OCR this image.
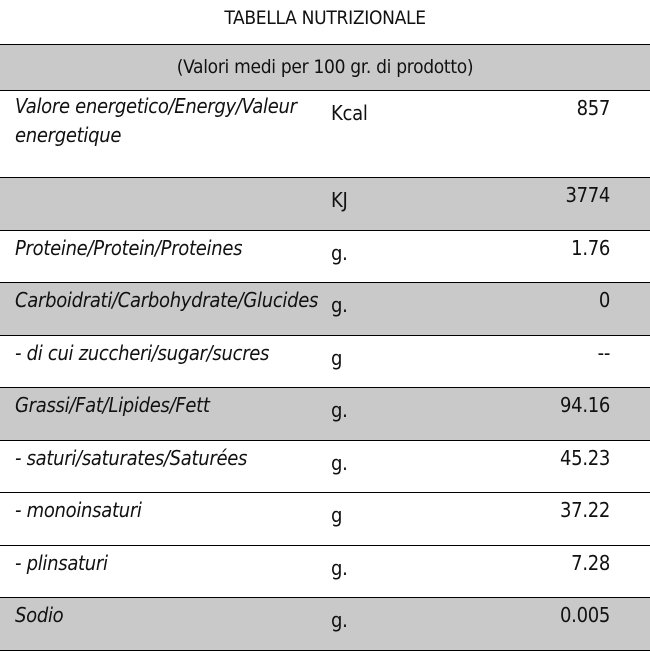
TABELLA NUTRIZIONALE		
(Valori medi per 100 gr. di prodotto)		
Valore energetico/Energy/Valeur energetique	Kcal	857
	KJ	3774
Proteine/Protein/Proteines	g.	1.76
Carboidrati/Carbohydrate/Glucides	g.	0
- di cui zuccheri/sugar/sucres	g	--
Grassi/Fat/Lipides/Fett	g.	94.16
- saturi/saturates/Saturées	g.	45.23
- monoinsaturi	g	37.22
- plinsaturi	g.	7.28
Sodio	g.	0.005
